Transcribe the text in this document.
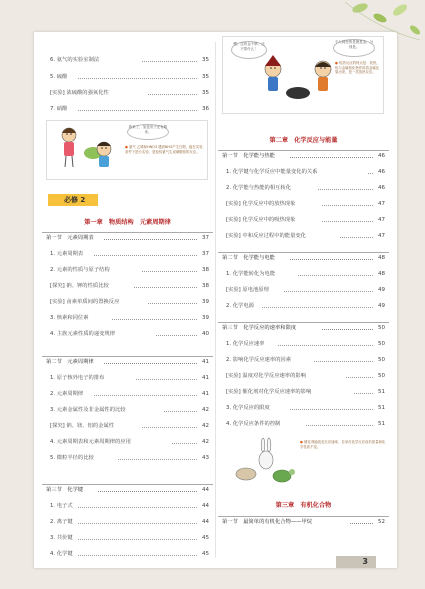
6. 氨气的实验室制法	35
5. 硫酸	35
[实验] 浓硫酸的强氧化性	35
7. 硝酸	36
我来了，加盖房子还有路来。
● 氨气 乙烯和HNO3 遇到NH3产生白烟，能在实验条件下进行实验，是检验氨气生成硝酸铵的反应。
必修 2
第一章　物质结构　元素周期律
第一节　元素周期表	37
1. 元素周期表	37
2. 元素的性质与原子结构	38
[探究] 钠、钾的性质比较	38
[实验] 卤素单质间的置换反应	39
3. 核素和同位素	39
4. 主族元素性质的递变规律	40
第二节　元素周期律	41
1. 原子核外电子的排布	41
2. 元素周期律	41
3. 元素金属性及非金属性的比较	42
[探究] 钠、镁、铝的金属性	42
4. 元素周期表和元素周期律的应用	42
5. 微粒半径的比较	43
第三节　化学键	44
1. 电子式	44
2. 离子键	44
3. 共价键	45
4. 化学键	45
嘿，这块金不够，还不算什么！
于人间里的是燃是金，分别是。
● 铝热反应的特点是：放热，铝与金属氧化物作用将金属还原出来，是一类放热反应。
第二章　化学反应与能量
第一节　化学能与热能	46
1. 化学键与化学反应中能量变化的关系	46
2. 化学能与热能的相互转化	46
[实验] 化学反应中的放热现象	47
[实验] 化学反应中的吸热现象	47
[实验] 中和反应过程中的能量变化	47
第二节　化学能与电能	48
1. 化学能转化为电能	48
[实验] 原电池原理	49
2. 化学电源	49
第三节　化学反应的速率和限度	50
1. 化学反应速率	50
2. 影响化学反应速率的因素	50
[实验] 温度对化学反应速率的影响	50
[实验] 催化剂对化学反应速率的影响	51
3. 化学反应的限度	51
4. 化学反应条件的控制	51
● 催化剂能改变反应速率，自身在化学反应前后质量和化学性质不变。
第三章　有机化合物
第一节　最简单的有机化合物——甲烷	52
3
